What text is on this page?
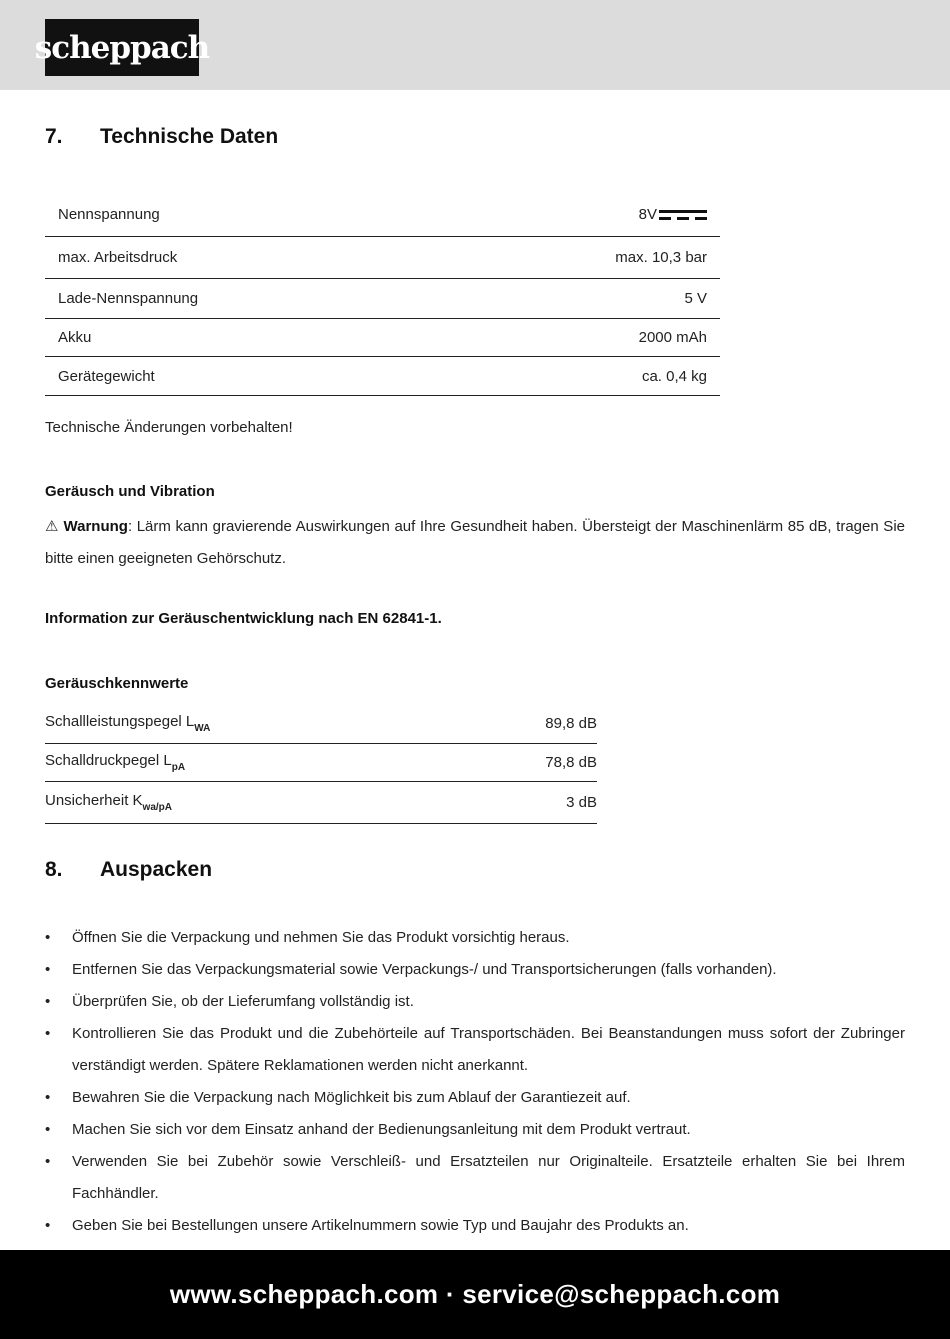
scheppach
7. Technische Daten
Nennspannung	8V
max. Arbeitsdruck	max. 10,3 bar
Lade-Nennspannung	5 V
Akku	2000 mAh
Gerätegewicht	ca. 0,4 kg
Technische Änderungen vorbehalten!
Geräusch und Vibration
⚠ Warnung: Lärm kann gravierende Auswirkungen auf Ihre Gesundheit haben. Übersteigt der Maschinenlärm 85 dB, tragen Sie bitte einen geeigneten Gehörschutz.
Information zur Geräuschentwicklung nach EN 62841-1.
Geräuschkennwerte
Schallleistungspegel $L_{WA}$	89,8 dB
Schalldruckpegel $L_{pA}$	78,8 dB
Unsicherheit $K_{wa/pA}$	3 dB
8. Auspacken
• Öffnen Sie die Verpackung und nehmen Sie das Produkt vorsichtig heraus.
• Entfernen Sie das Verpackungsmaterial sowie Verpackungs-/ und Transportsicherungen (falls vorhanden).
• Überprüfen Sie, ob der Lieferumfang vollständig ist.
• Kontrollieren Sie das Produkt und die Zubehörteile auf Transportschäden. Bei Beanstandungen muss sofort der Zubringer verständigt werden. Spätere Reklamationen werden nicht anerkannt.
• Bewahren Sie die Verpackung nach Möglichkeit bis zum Ablauf der Garantiezeit auf.
• Machen Sie sich vor dem Einsatz anhand der Bedienungsanleitung mit dem Produkt vertraut.
• Verwenden Sie bei Zubehör sowie Verschleiß- und Ersatzteilen nur Originalteile. Ersatzteile erhalten Sie bei Ihrem Fachhändler.
• Geben Sie bei Bestellungen unsere Artikelnummern sowie Typ und Baujahr des Produkts an.
www.scheppach.com · service@scheppach.com
